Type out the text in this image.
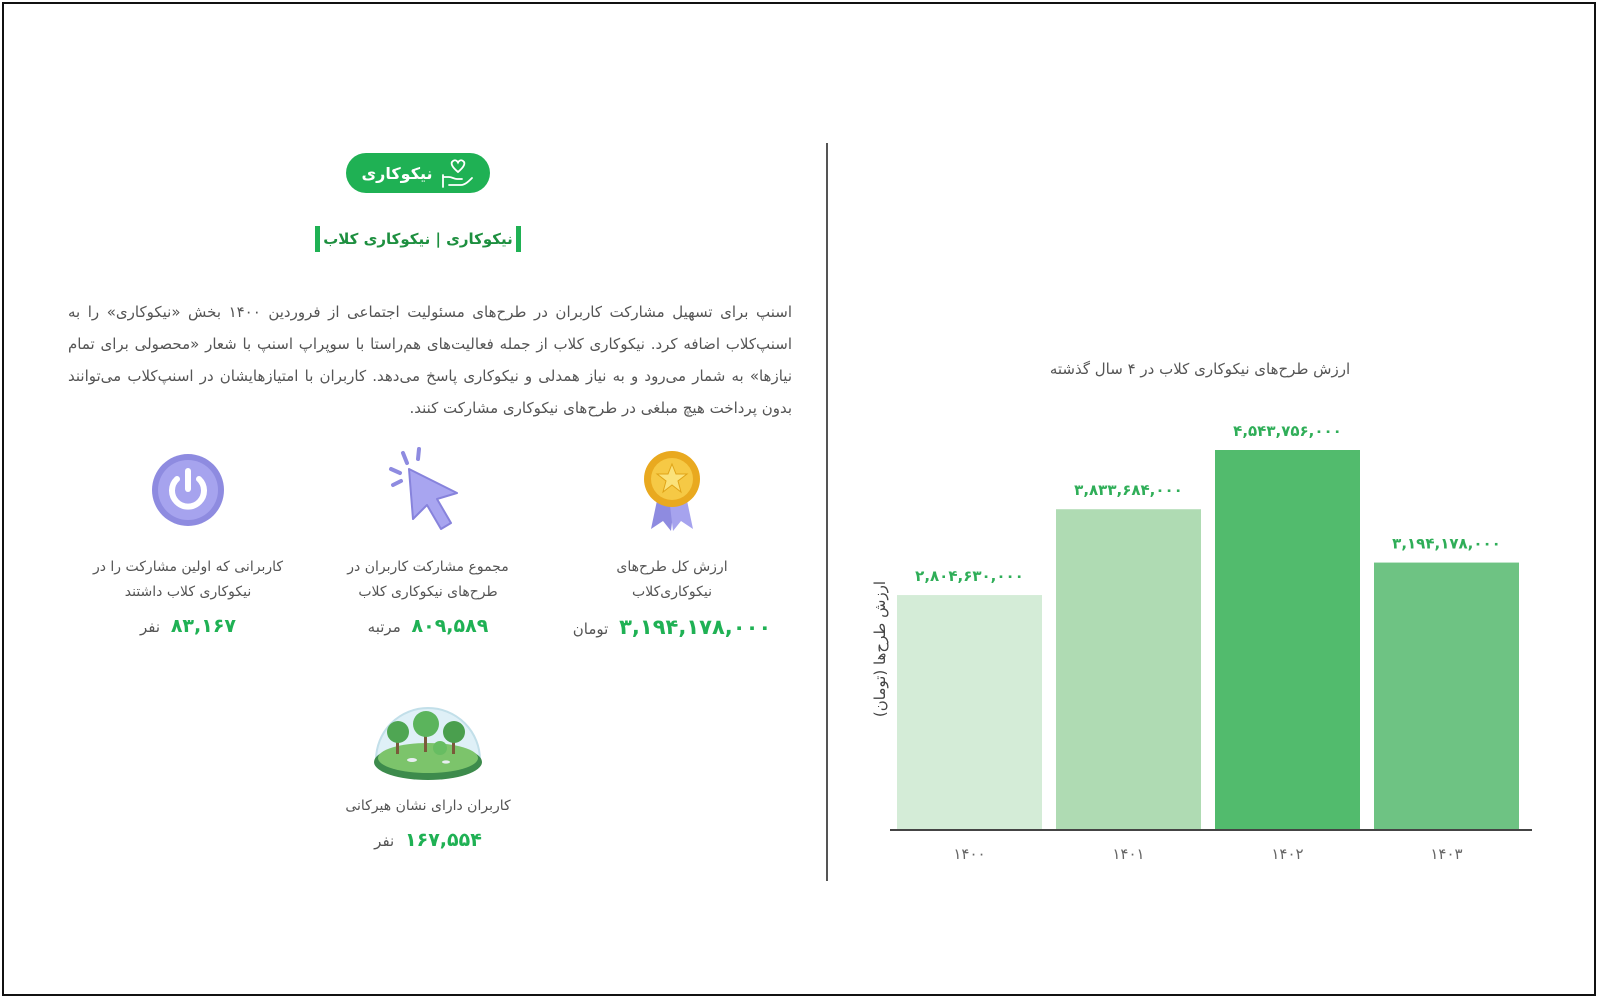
نیکوکاری
نیکوکاری | نیکوکاری کلاب
اسنپ برای تسهیل مشارکت کاربران در طرح‌های مسئولیت اجتماعی از فروردین ۱۴۰۰ بخش «نیکوکاری» را به اسنپ‌کلاب اضافه کرد. نیکوکاری کلاب از جمله فعالیت‌های هم‌راستا با سوپراپ اسنپ با شعار «محصولی برای تمام نیازها» به شمار می‌رود و به نیاز همدلی و نیکوکاری پاسخ می‌دهد. کاربران با امتیازهایشان در اسنپ‌کلاب می‌توانند بدون پرداخت هیچ مبلغی در طرح‌های نیکوکاری مشارکت کنند.
ارزش کل طرح‌های
نیکوکاری‌کلاب
۳,۱۹۴,۱۷۸,۰۰۰ تومان
مجموع مشارکت کاربران در
طرح‌های نیکوکاری کلاب
۸۰۹,۵۸۹ مرتبه
کاربرانی که اولین مشارکت را در
نیکوکاری کلاب داشتند
۸۳,۱۶۷ نفر
کاربران دارای نشان هیرکانی
۱۶۷,۵۵۴ نفر
ارزش طرح‌های نیکوکاری کلاب در ۴ سال گذشته
ارزش طرح‌ها (تومان)
۲,۸۰۴,۶۳۰,۰۰۰
۱۴۰۰
۳,۸۳۳,۶۸۴,۰۰۰
۱۴۰۱
۴,۵۴۳,۷۵۶,۰۰۰
۱۴۰۲
۳,۱۹۴,۱۷۸,۰۰۰
۱۴۰۳
